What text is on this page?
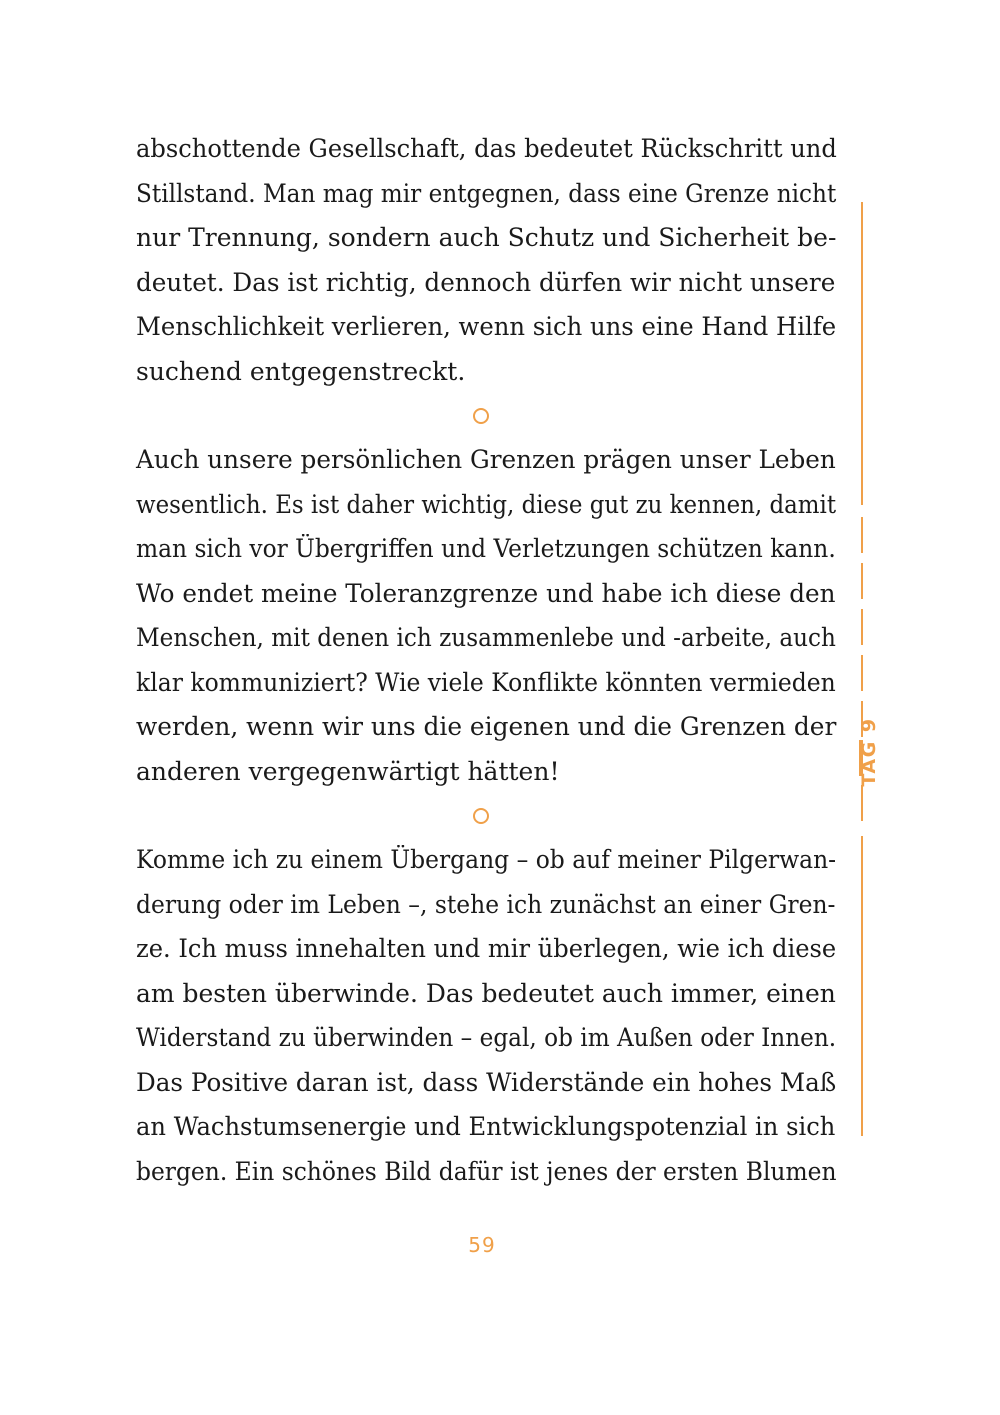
abschottende Gesellschaft, das bedeutet Rückschritt und
Stillstand. Man mag mir entgegnen, dass eine Grenze nicht
nur Trennung, sondern auch Schutz und Sicherheit be-
deutet. Das ist richtig, dennoch dürfen wir nicht unsere
Menschlichkeit verlieren, wenn sich uns eine Hand Hilfe
suchend entgegenstreckt.

Auch unsere persönlichen Grenzen prägen unser Leben
wesentlich. Es ist daher wichtig, diese gut zu kennen, damit
man sich vor Übergriffen und Verletzungen schützen kann.
Wo endet meine Toleranzgrenze und habe ich diese den
Menschen, mit denen ich zusammenlebe und -arbeite, auch
klar kommuniziert? Wie viele Konflikte könnten vermieden
werden, wenn wir uns die eigenen und die Grenzen der
anderen vergegenwärtigt hätten!

Komme ich zu einem Übergang – ob auf meiner Pilgerwan-
derung oder im Leben –, stehe ich zunächst an einer Gren-
ze. Ich muss innehalten und mir überlegen, wie ich diese
am besten überwinde. Das bedeutet auch immer, einen
Widerstand zu überwinden – egal, ob im Außen oder Innen.
Das Positive daran ist, dass Widerstände ein hohes Maß
an Wachstumsenergie und Entwicklungspotenzial in sich
bergen. Ein schönes Bild dafür ist jenes der ersten Blumen

TAG 9
59
